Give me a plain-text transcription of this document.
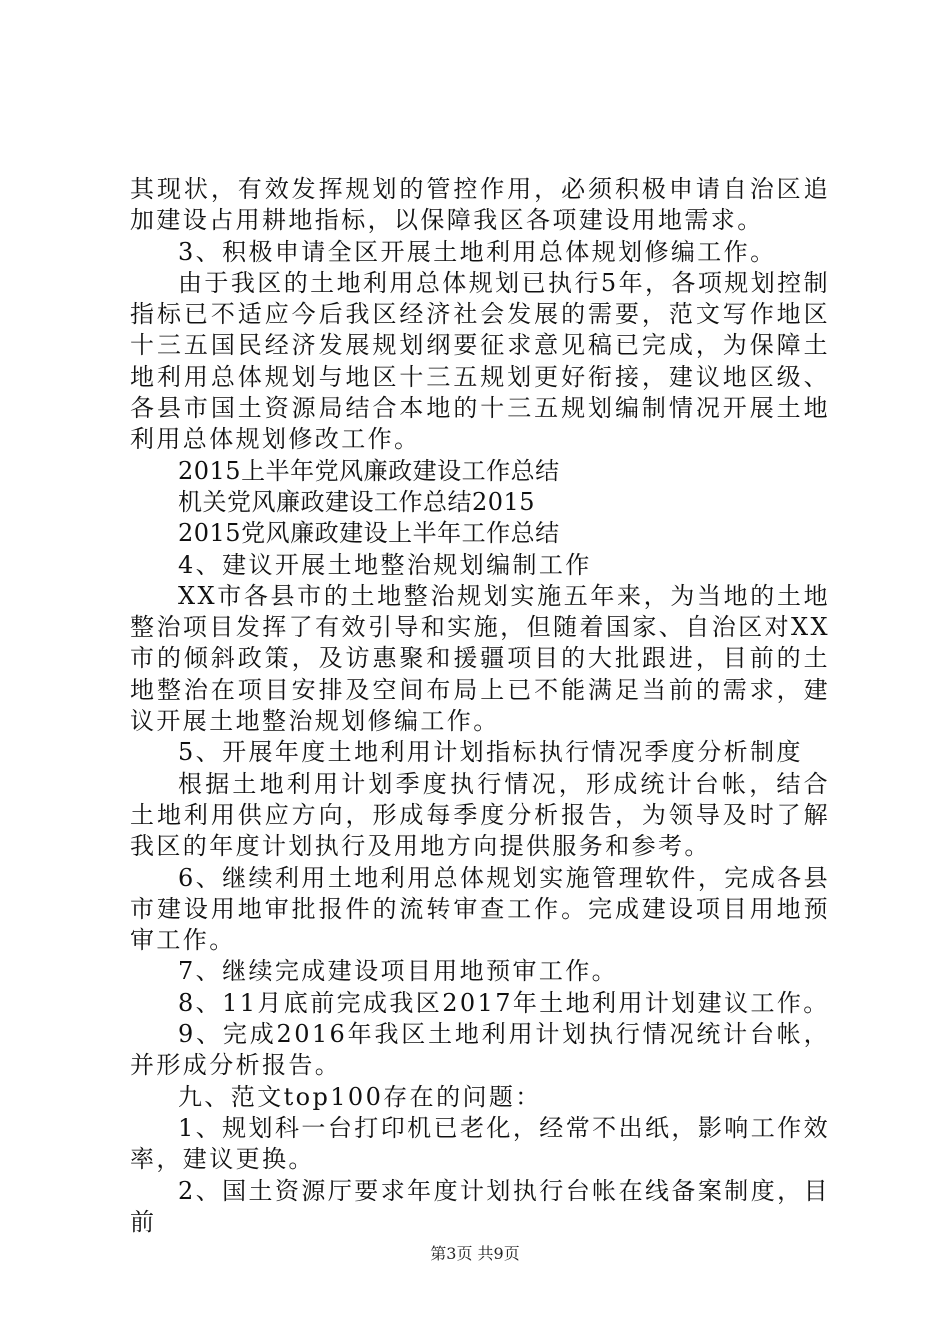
其现状，有效发挥规划的管控作用，必须积极申请自治区追加建设占用耕地指标，以保障我区各项建设用地需求。

3、积极申请全区开展土地利用总体规划修编工作。

由于我区的土地利用总体规划已执行5年，各项规划控制指标已不适应今后我区经济社会发展的需要，范文写作地区十三五国民经济发展规划纲要征求意见稿已完成，为保障土地利用总体规划与地区十三五规划更好衔接，建议地区级、各县市国土资源局结合本地的十三五规划编制情况开展土地利用总体规划修改工作。

2015上半年党风廉政建设工作总结

机关党风廉政建设工作总结2015

2015党风廉政建设上半年工作总结

4、建议开展土地整治规划编制工作

XX市各县市的土地整治规划实施五年来，为当地的土地整治项目发挥了有效引导和实施，但随着国家、自治区对XX市的倾斜政策，及访惠聚和援疆项目的大批跟进，目前的土地整治在项目安排及空间布局上已不能满足当前的需求，建议开展土地整治规划修编工作。

5、开展年度土地利用计划指标执行情况季度分析制度

根据土地利用计划季度执行情况，形成统计台帐，结合土地利用供应方向，形成每季度分析报告，为领导及时了解我区的年度计划执行及用地方向提供服务和参考。

6、继续利用土地利用总体规划实施管理软件，完成各县市建设用地审批报件的流转审查工作。完成建设项目用地预审工作。

7、继续完成建设项目用地预审工作。

8、11月底前完成我区2017年土地利用计划建议工作。

9、完成2016年我区土地利用计划执行情况统计台帐，并形成分析报告。

九、范文top100存在的问题：

1、规划科一台打印机已老化，经常不出纸，影响工作效率，建议更换。

2、国土资源厅要求年度计划执行台帐在线备案制度，目前

第3页 共9页
